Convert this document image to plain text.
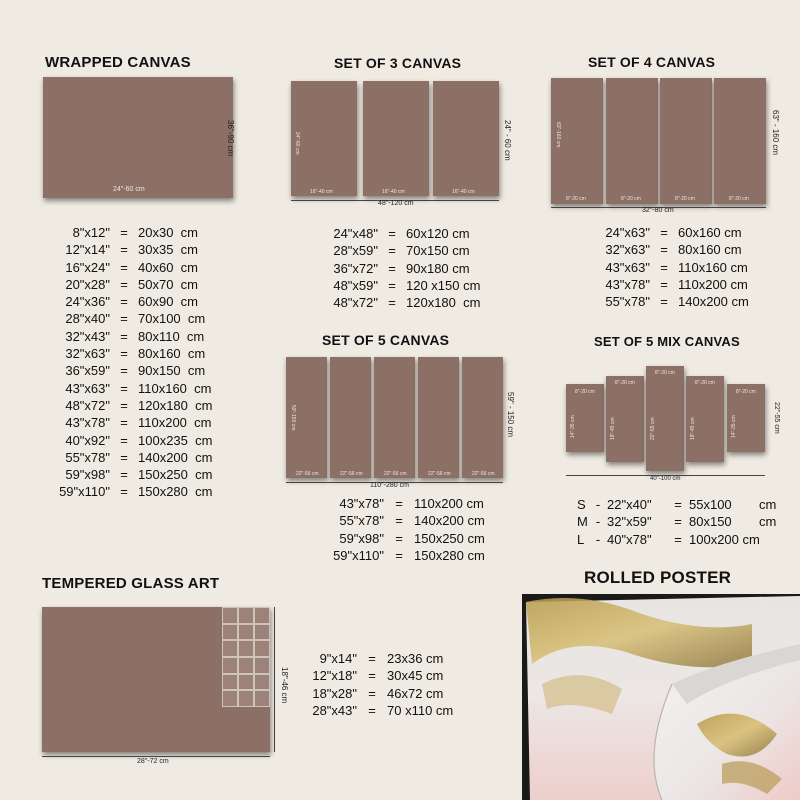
WRAPPED CANVAS
24"-60 cm
36"-90 cm
8"x12" = 20x30  cm
12"x14" = 30x35  cm
16"x24" = 40x60  cm
20"x28" = 50x70  cm
24"x36" = 60x90  cm
28"x40" = 70x100  cm
32"x43" = 80x110  cm
32"x63" = 80x160  cm
36"x59" = 90x150  cm
43"x63" = 110x160  cm
48"x72" = 120x180  cm
43"x78" = 110x200  cm
40"x92" = 100x235  cm
55"x78" = 140x200  cm
59"x98" = 150x250  cm
59"x110" = 150x280  cm
SET OF 3 CANVAS
16"-40 cm	16"-40 cm	16"-40 cm
24"-60 cm	24" - 60 cm
48"-120 cm
24"x48" = 60x120 cm
28"x59" = 70x150 cm
36"x72" = 90x180 cm
48"x59" = 120 x150 cm
48"x72" = 120x180  cm
SET OF 4 CANVAS
8"-20 cm	8"-20 cm	8"-20 cm	8"-20 cm
63"-160 cm	63" - 160 cm
32"-80 cm
24"x63" = 60x160 cm
32"x63" = 80x160 cm
43"x63" = 110x160 cm
43"x78" = 110x200 cm
55"x78" = 140x200 cm
SET OF 5 CANVAS
22"-56 cm	22"-56 cm	22"-56 cm	22"-56 cm	22"-56 cm
59"-150 cm	59" - 150 cm
110"-280 cm
43"x78" = 110x200 cm
55"x78" = 140x200 cm
59"x98" = 150x250 cm
59"x110" = 150x280 cm
SET OF 5 MIX CANVAS
8"-20 cm
8"-20 cm
8"-20 cm
8"-20 cm
8"-20 cm
14"-35 cm	18"-45 cm	22"-55 cm	18"-45 cm	14"-35 cm	22"-55 cm
40"-100 cm
S - 22"x40"	= 55x100	cm
M - 32"x59"	= 80x150	cm
L - 40"x78"	= 100x200 cm
TEMPERED GLASS ART
28"-72 cm
18"-46 cm
9"x14" = 23x36 cm
12"x18" = 30x45 cm
18"x28" = 46x72 cm
28"x43" = 70 x110 cm
ROLLED POSTER
